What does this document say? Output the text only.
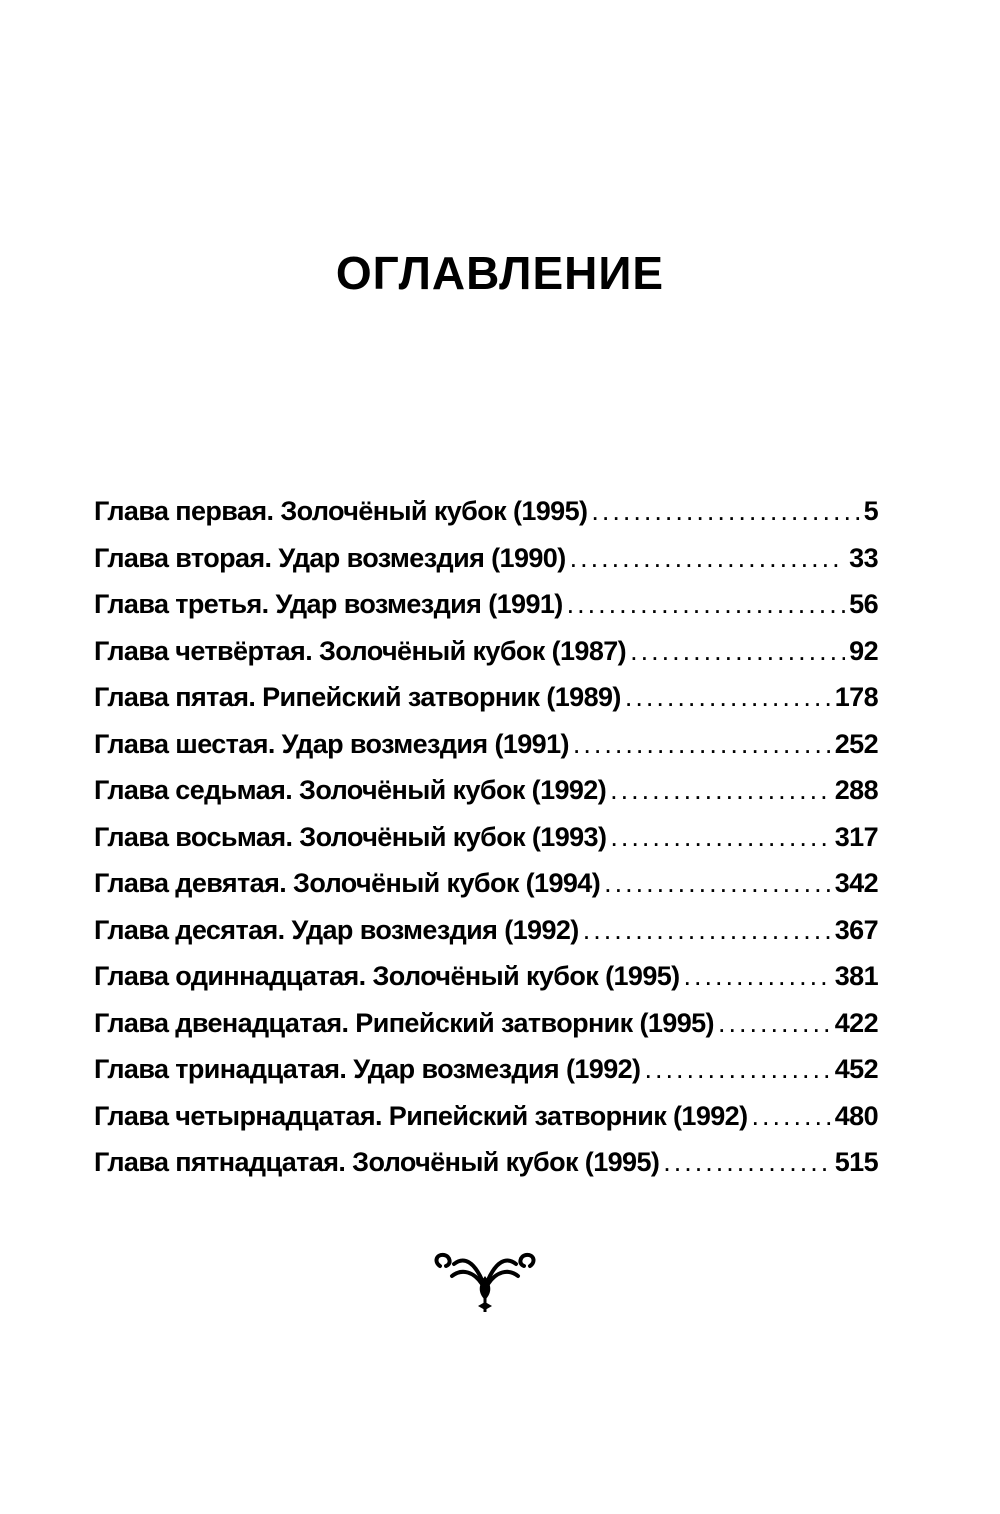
ОГЛАВЛЕНИЕ
Глава первая. Золочёный кубок (1995) .....	5
Глава вторая. Удар возмездия (1990) .....	33
Глава третья. Удар возмездия (1991) .....	56
Глава четвёртая. Золочёный кубок (1987) .....	92
Глава пятая. Рипейский затворник (1989) .....	178
Глава шестая. Удар возмездия (1991) .....	252
Глава седьмая. Золочёный кубок (1992) .....	288
Глава восьмая. Золочёный кубок (1993) .....	317
Глава девятая. Золочёный кубок (1994) .....	342
Глава десятая. Удар возмездия (1992) .....	367
Глава одиннадцатая. Золочёный кубок (1995) .....	381
Глава двенадцатая. Рипейский затворник (1995) .....	422
Глава тринадцатая. Удар возмездия (1992) .....	452
Глава четырнадцатая. Рипейский затворник (1992) .....	480
Глава пятнадцатая. Золочёный кубок (1995) .....	515
